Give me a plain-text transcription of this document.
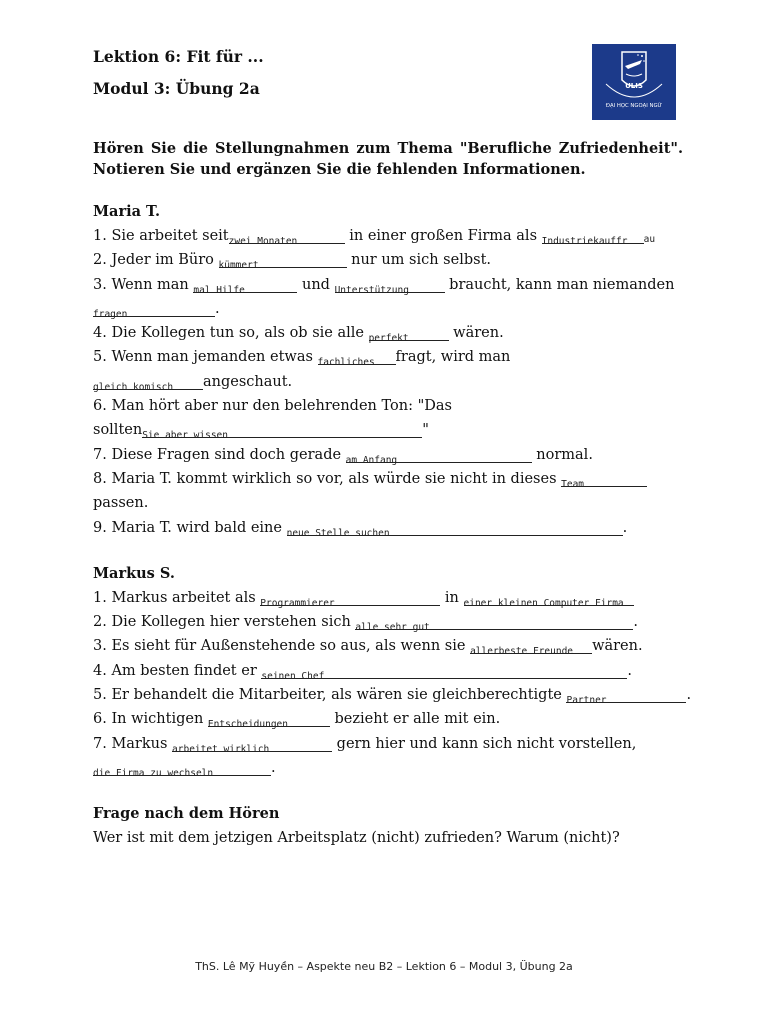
ULIS
ĐẠI HỌC NGOẠI NGỮ
Lektion 6: Fit für ...
Modul 3: Übung 2a
Hören Sie die Stellungnahmen zum Thema "Berufliche Zufriedenheit". Notieren Sie und ergänzen Sie die fehlenden Informationen.
Maria T.
1. Sie arbeitet seitzwei Monaten	in einer großen Firma als Industriekauffr au
2. Jeder im Büro kümmert	nur um sich selbst.
3. Wenn man mal Hilfe	und Unterstützung braucht, kann man niemanden
fragen	.
4. Die Kollegen tun so, als ob sie alle perfekt	wären.
5. Wenn man jemanden etwas fachliches fragt, wird man
gleich komisch angeschaut.
6. Man hört aber nur den belehrenden Ton: "Das
solltenSie aber wissen	"
7. Diese Fragen sind doch gerade am Anfang	normal.
8. Maria T. kommt wirklich so vor, als würde sie nicht in dieses Team
passen.
9. Maria T. wird bald eine neue Stelle suchen	.
Markus S.
1. Markus arbeitet als Programmierer	in einer kleinen Computer Firma
2. Die Kollegen hier verstehen sich alle sehr gut	.
3. Es sieht für Außenstehende so aus, als wenn sie allerbeste Freunde wären.
4. Am besten findet er seinen Chef	.
5. Er behandelt die Mitarbeiter, als wären sie gleichberechtigte Partner	.
6. In wichtigen Entscheidungen	bezieht er alle mit ein.
7. Markus arbeitet wirklich	gern hier und kann sich nicht vorstellen,
die Firma zu wechseln	.
Frage nach dem Hören
Wer ist mit dem jetzigen Arbeitsplatz (nicht) zufrieden? Warum (nicht)?
ThS. Lê Mỹ Huyền – Aspekte neu B2 – Lektion 6 – Modul 3, Übung 2a
